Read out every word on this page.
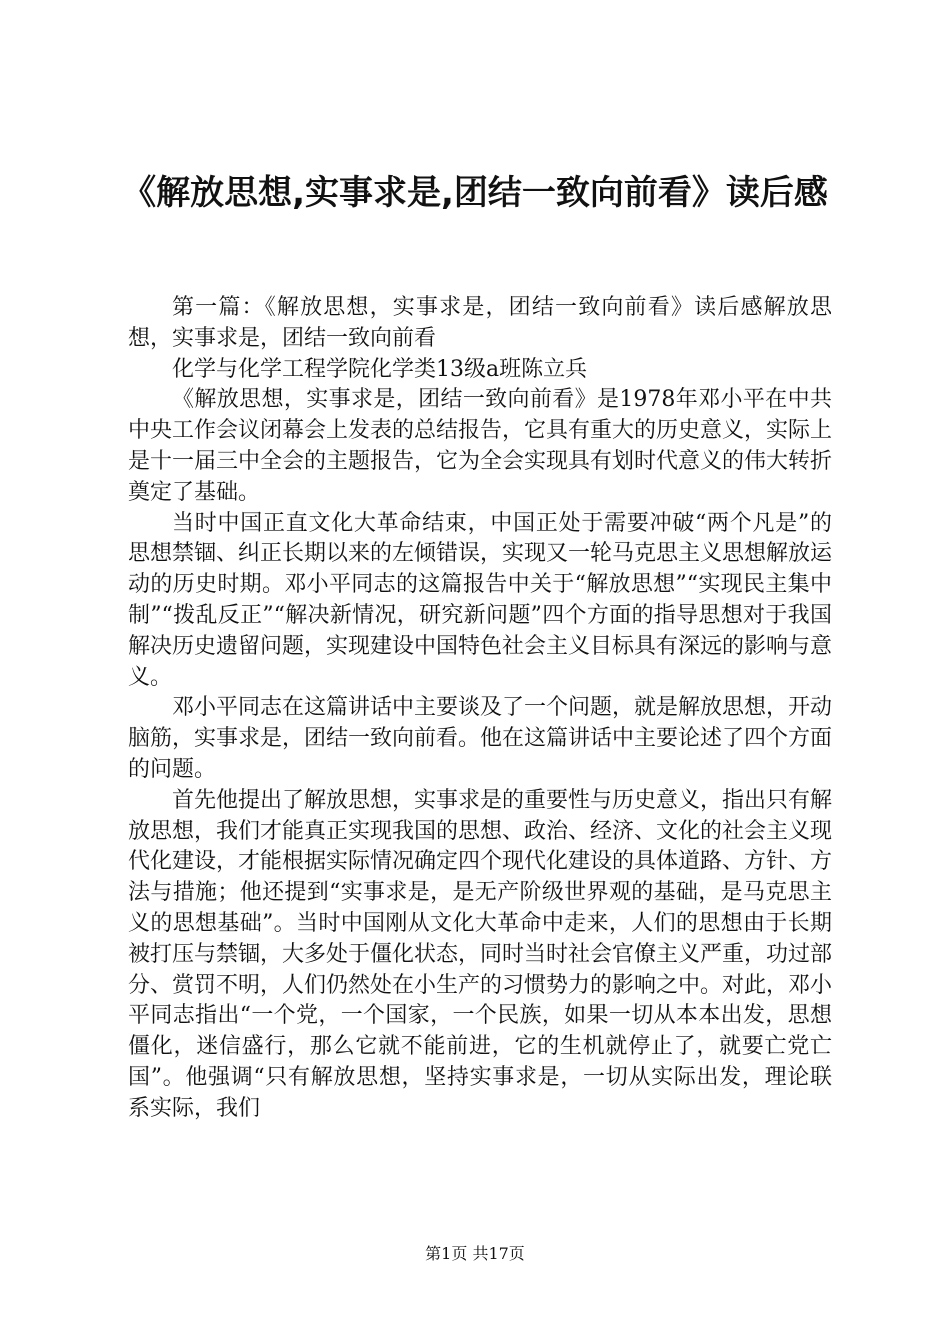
《解放思想,实事求是,团结一致向前看》读后感

第一篇：《解放思想，实事求是，团结一致向前看》读后感解放思想，实事求是，团结一致向前看

化学与化学工程学院化学类13级a班陈立兵

《解放思想，实事求是，团结一致向前看》是1978年邓小平在中共中央工作会议闭幕会上发表的总结报告，它具有重大的历史意义，实际上是十一届三中全会的主题报告，它为全会实现具有划时代意义的伟大转折奠定了基础。

当时中国正直文化大革命结束，中国正处于需要冲破“两个凡是”的思想禁锢、纠正长期以来的左倾错误，实现又一轮马克思主义思想解放运动的历史时期。邓小平同志的这篇报告中关于“解放思想”“实现民主集中制”“拨乱反正”“解决新情况，研究新问题”四个方面的指导思想对于我国解决历史遗留问题，实现建设中国特色社会主义目标具有深远的影响与意义。

邓小平同志在这篇讲话中主要谈及了一个问题，就是解放思想，开动脑筋，实事求是，团结一致向前看。他在这篇讲话中主要论述了四个方面的问题。

首先他提出了解放思想，实事求是的重要性与历史意义，指出只有解放思想，我们才能真正实现我国的思想、政治、经济、文化的社会主义现代化建设，才能根据实际情况确定四个现代化建设的具体道路、方针、方法与措施；他还提到“实事求是，是无产阶级世界观的基础，是马克思主义的思想基础”。当时中国刚从文化大革命中走来，人们的思想由于长期被打压与禁锢，大多处于僵化状态，同时当时社会官僚主义严重，功过部分、赏罚不明，人们仍然处在小生产的习惯势力的影响之中。对此，邓小平同志指出“一个党，一个国家，一个民族，如果一切从本本出发，思想僵化，迷信盛行，那么它就不能前进，它的生机就停止了，就要亡党亡国”。他强调“只有解放思想，坚持实事求是，一切从实际出发，理论联系实际，我们

第1页 共17页
